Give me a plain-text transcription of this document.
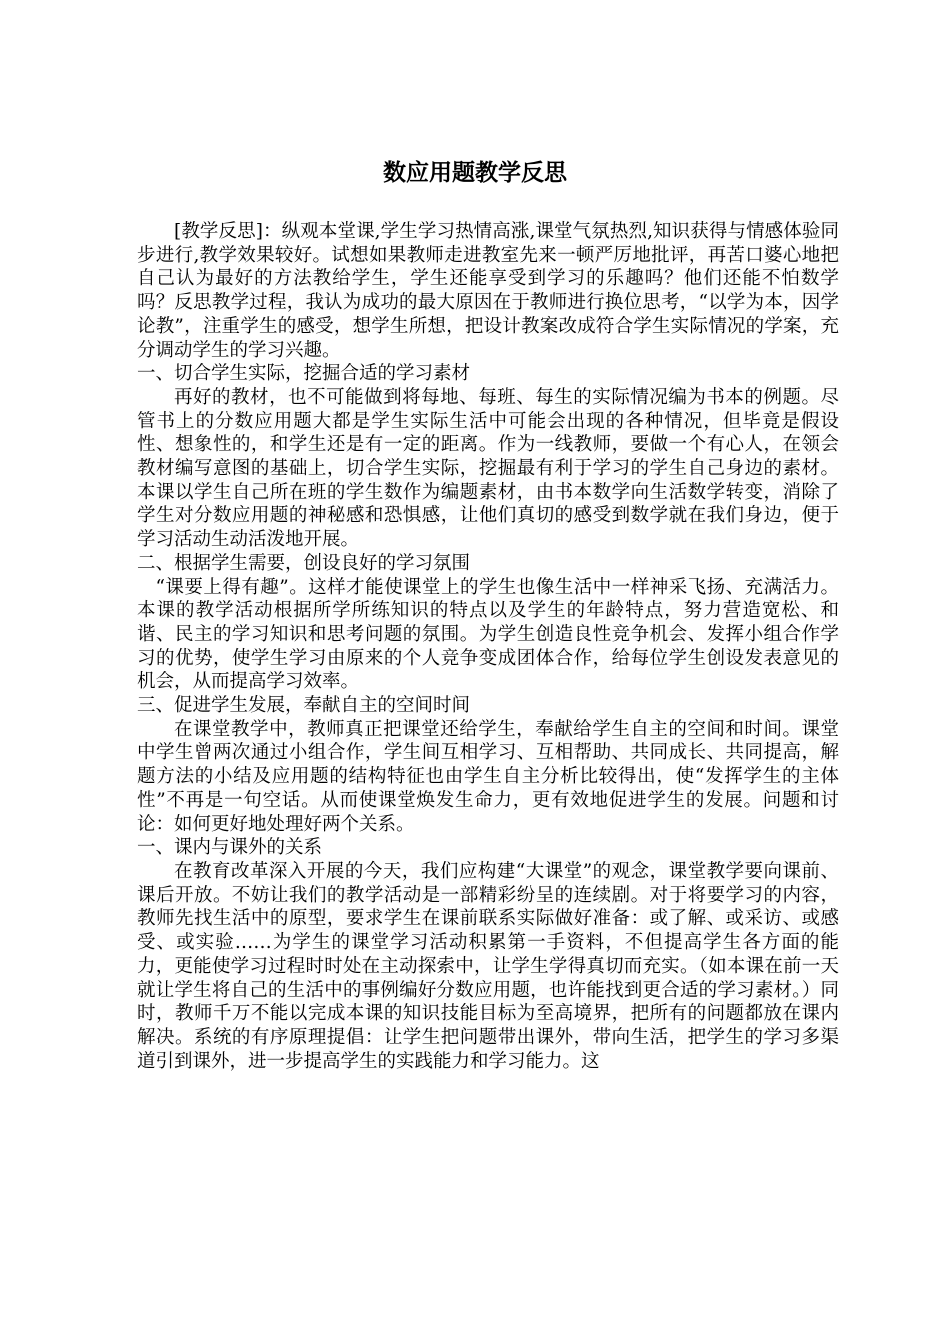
数应用题教学反思

[教学反思]：纵观本堂课,学生学习热情高涨,课堂气氛热烈,知识获得与情感体验同步进行,教学效果较好。试想如果教师走进教室先来一顿严厉地批评，再苦口婆心地把自己认为最好的方法教给学生，学生还能享受到学习的乐趣吗？他们还能不怕数学吗？反思教学过程，我认为成功的最大原因在于教师进行换位思考，“以学为本，因学论教”，注重学生的感受，想学生所想，把设计教案改成符合学生实际情况的学案，充分调动学生的学习兴趣。

一、切合学生实际，挖掘合适的学习素材

再好的教材，也不可能做到将每地、每班、每生的实际情况编为书本的例题。尽管书上的分数应用题大都是学生实际生活中可能会出现的各种情况，但毕竟是假设性、想象性的，和学生还是有一定的距离。作为一线教师，要做一个有心人，在领会教材编写意图的基础上，切合学生实际，挖掘最有利于学习的学生自己身边的素材。本课以学生自己所在班的学生数作为编题素材，由书本数学向生活数学转变，消除了学生对分数应用题的神秘感和恐惧感，让他们真切的感受到数学就在我们身边，便于学习活动生动活泼地开展。

二、根据学生需要，创设良好的学习氛围

“课要上得有趣”。这样才能使课堂上的学生也像生活中一样神采飞扬、充满活力。本课的教学活动根据所学所练知识的特点以及学生的年龄特点，努力营造宽松、和谐、民主的学习知识和思考问题的氛围。为学生创造良性竞争机会、发挥小组合作学习的优势，使学生学习由原来的个人竞争变成团体合作，给每位学生创设发表意见的机会，从而提高学习效率。

三、促进学生发展，奉献自主的空间时间

在课堂教学中，教师真正把课堂还给学生，奉献给学生自主的空间和时间。课堂中学生曾两次通过小组合作，学生间互相学习、互相帮助、共同成长、共同提高，解题方法的小结及应用题的结构特征也由学生自主分析比较得出，使“发挥学生的主体性”不再是一句空话。从而使课堂焕发生命力，更有效地促进学生的发展。问题和讨论：如何更好地处理好两个关系。

一、课内与课外的关系

在教育改革深入开展的今天，我们应构建“大课堂”的观念，课堂教学要向课前、课后开放。不妨让我们的教学活动是一部精彩纷呈的连续剧。对于将要学习的内容，教师先找生活中的原型，要求学生在课前联系实际做好准备：或了解、或采访、或感受、或实验……为学生的课堂学习活动积累第一手资料，不但提高学生各方面的能力，更能使学习过程时时处在主动探索中，让学生学得真切而充实。（如本课在前一天就让学生将自己的生活中的事例编好分数应用题，也许能找到更合适的学习素材。）同时，教师千万不能以完成本课的知识技能目标为至高境界，把所有的问题都放在课内解决。系统的有序原理提倡：让学生把问题带出课外，带向生活，把学生的学习多渠道引到课外，进一步提高学生的实践能力和学习能力。这
